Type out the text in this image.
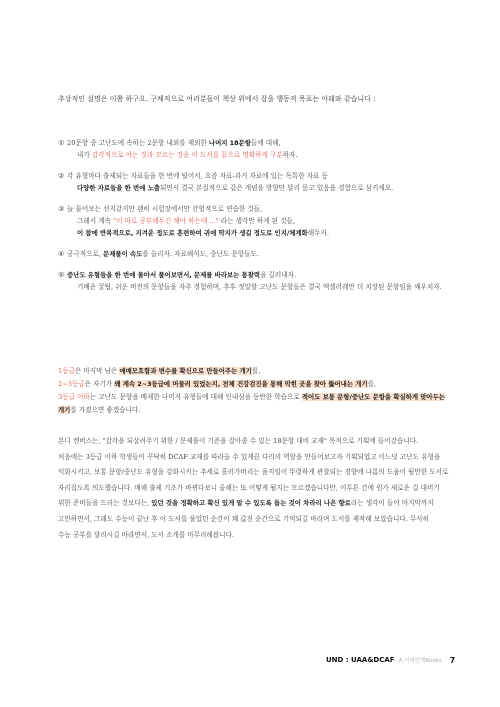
추상적인 설명은 이쯤 하구요. 구체적으로 여러분들이 책상 위에서 잡을 행동적 목표는 아래와 같습니다 :
① 20문항 중 고난도에 속하는 2문항 내외를 제외한 나머지 18문항들에 대해,
내가 감각적으로 아는 것과 모르는 것을 이 도서를 끝으로 명확하게 구분하자.
② 각 유형마다 출제되는 자료들을 한 번에 털어서, 요즘 자료-과거 자료에 있는 독특한 자료 등
다양한 자료들을 한 번에 노출되면서 결국 본질적으로 같은 개념을 방향만 달리 묻고 있음을 경험으로 삼키세요.
③ 늘 물어보는 선지같지만 괜히 시험장에서만 간헐적으로 연습한 것들,
그래서 계속 "이 따로 공부해두긴 해야 하는데 ..." 라는 생각만 하게 된 것들,
이 참에 반복적으로, 지겨운 정도로 훈련하여 귀에 딱지가 생길 정도로 인지/체계화해두자.
④ 궁극적으로, 문제풀이 속도를 올리자. 자료해석도, 중난도 문항들도.
⑤ 중난도 유형들을 한 번에 몰아서 풀어보면서, 문제를 바라보는 통찰력을 길러내자.
기배운 꿀팁, 쉬운 버전의 문항들을 자주 경험하며, 추후 정말할 고난도 문항들은 결국 엑셀러레만 더 치장된 문항임을 깨우치자.
1등급은 마지막 남은 애매모호함과 변수를 확신으로 만들어주는 개기를,
2~3등급은 자기가 왜 계속 2~3등급에 머물러 있었는지, 전체 건강검진을 통해 막힌 곳을 찾아 뚫어내는 개기를,
3등급 이하는 고난도 문항을 배제한 나머지 유형들에 대해 인내심을 동반한 학습으로 적어도 보통 문항/중난도 문항을 확실하게 맞아두는
개기를 가졌으면 좋겠습니다.
본디 캔버스는, "감각을 되살려주기 위한 / 문제풀이 기준을 잡아줄 수 있는 18문항 대비 교재" 목적으로 기획에 들어갔습니다.
처음에는 3등급 이하 학생들이 꾸닥히 DCAF 교재를 따라올 수 있게끔 다리의 역할을 만들어보고자 기획되었고 이느덧 고난도 유형을
익화시키고, 보통 문항/중난도 유형을 강화시키는 추세로 흘러가버리는 움직임이 뚜렷하게 관찰되는 경향에 나름의 도움이 될만한 도서로
자리잡도록 의도했습니다. 매해 출제 기조가 바뀌다보니 올해는 또 어떻게 될지는 모르겠습니다만, 이투튼 간에 원가 새로운 걸 대비기
위한 준비들을 드리는 것보다는, 있던 것을 정확하고 확신 있게 알 수 있도록 돕는 것이 차라리 나은 향로라는 생각이 들어 마지막까지
고민하면서, 그래도 수능이 끝난 후 이 도서를 풀었던 순간이 꽤 값진 순간으로 기억되길 바라며 도서를 제작해 보았습니다. 무사히
수능 공부를 달리시길 바라면서, 도서 소개를 마무리해봅니다.
UND : UAA&DCAF A 시대인재Books 7
